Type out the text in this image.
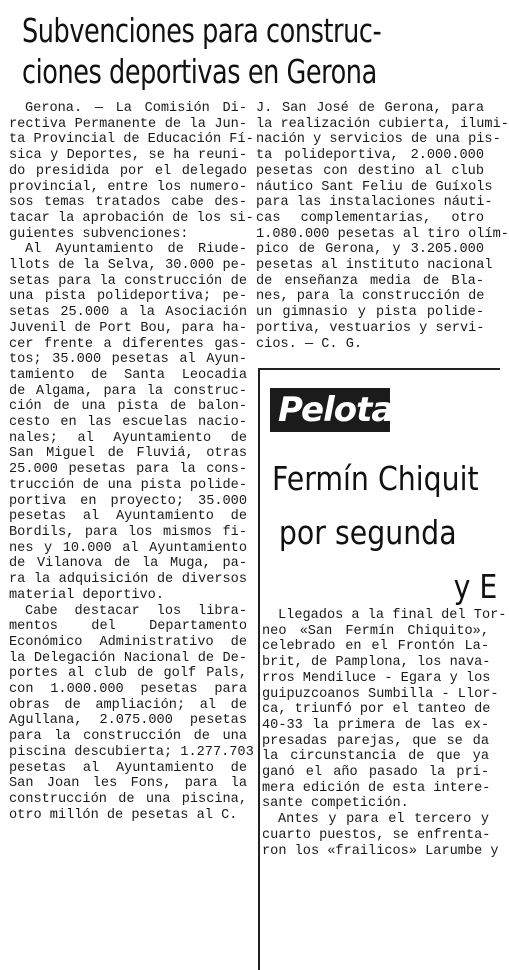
Subvenciones para construc-
ciones deportivas en Gerona
Gerona. — La Comisión Di-
rectiva Permanente de la Jun-
ta Provincial de Educación Fí-
sica y Deportes, se ha reuni-
do presidida por el delegado
provincial, entre los numero-
sos temas tratados cabe des-
tacar la aprobación de los si-
guientes subvenciones:
Al Ayuntamiento de Riude-
llots de la Selva, 30.000 pe-
setas para la construcción de
una pista polideportiva; pe-
setas 25.000 a la Asociación
Juvenil de Port Bou, para ha-
cer frente a diferentes gas-
tos; 35.000 pesetas al Ayun-
tamiento de Santa Leocadia
de Algama, para la construc-
ción de una pista de balon-
cesto en las escuelas nacio-
nales; al Ayuntamiento de
San Miguel de Fluviá, otras
25.000 pesetas para la cons-
trucción de una pista polide-
portiva en proyecto; 35.000
pesetas al Ayuntamiento de
Bordils, para los mismos fi-
nes y 10.000 al Ayuntamiento
de Vilanova de la Muga, pa-
ra la adquisición de diversos
material deportivo.
Cabe destacar los libra-
mentos del Departamento
Económico Administrativo de
la Delegación Nacional de De-
portes al club de golf Pals,
con 1.000.000 pesetas para
obras de ampliación; al de
Agullana, 2.075.000 pesetas
para la construcción de una
piscina descubierta; 1.277.703
pesetas al Ayuntamiento de
San Joan les Fons, para la
construcción de una piscina,
otro millón de pesetas al C.
J. San José de Gerona, para
la realización cubierta, ilumi-
nación y servicios de una pis-
ta polideportiva, 2.000.000
pesetas con destino al club
náutico Sant Feliu de Guíxols
para las instalaciones náuti-
cas complementarias, otro
1.080.000 pesetas al tiro olím-
pico de Gerona, y 3.205.000
pesetas al instituto nacional
de enseñanza media de Bla-
nes, para la construcción de
un gimnasio y pista polide-
portiva, vestuarios y servi-
cios. — C. G.
Pelota
Fermín Chiquit
por segunda
y E
Llegados a la final del Tor-
neo «San Fermín Chiquito»,
celebrado en el Frontón La-
brit, de Pamplona, los nava-
rros Mendiluce - Egara y los
guipuzcoanos Sumbilla - Llor-
ca, triunfó por el tanteo de
40-33 la primera de las ex-
presadas parejas, que se da
la circunstancia de que ya
ganó el año pasado la pri-
mera edición de esta intere-
sante competición.
Antes y para el tercero y
cuarto puestos, se enfrenta-
ron los «frailicos» Larumbe y
